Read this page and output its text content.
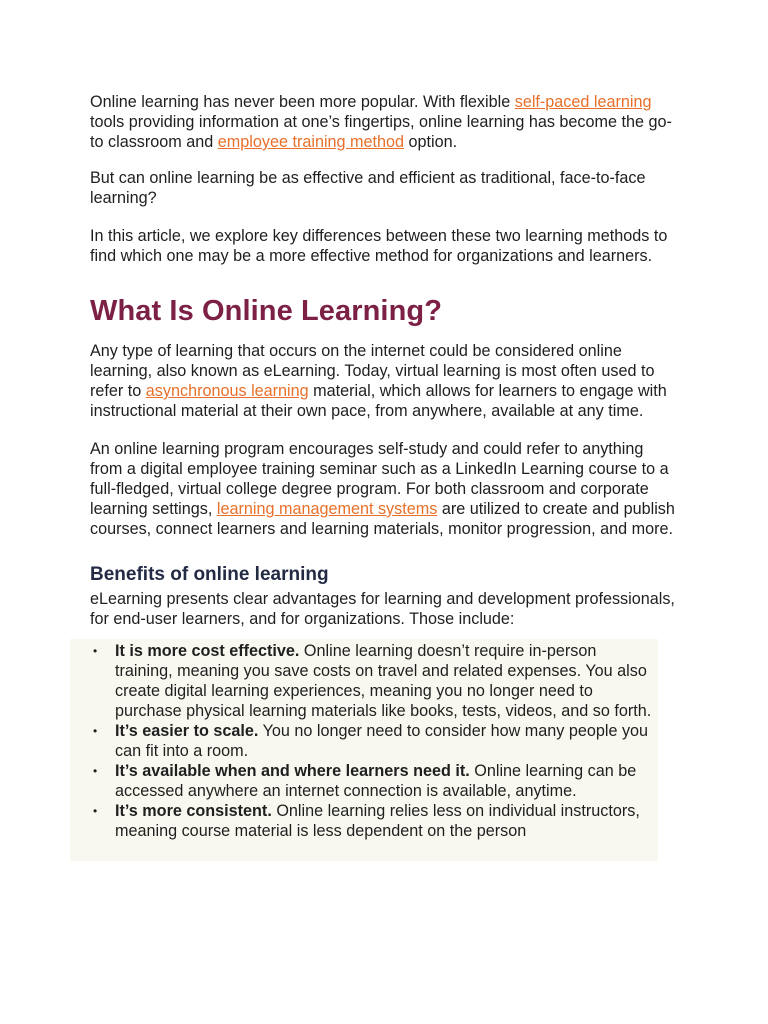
Online learning has never been more popular. With flexible self-paced learning tools providing information at one’s fingertips, online learning has become the go-to classroom and employee training method option.

But can online learning be as effective and efficient as traditional, face-to-face learning?

In this article, we explore key differences between these two learning methods to find which one may be a more effective method for organizations and learners.

What Is Online Learning?

Any type of learning that occurs on the internet could be considered online learning, also known as eLearning. Today, virtual learning is most often used to refer to asynchronous learning material, which allows for learners to engage with instructional material at their own pace, from anywhere, available at any time.

An online learning program encourages self-study and could refer to anything from a digital employee training seminar such as a LinkedIn Learning course to a full-fledged, virtual college degree program. For both classroom and corporate learning settings, learning management systems are utilized to create and publish courses, connect learners and learning materials, monitor progression, and more.

Benefits of online learning

eLearning presents clear advantages for learning and development professionals, for end-user learners, and for organizations. Those include:

• It is more cost effective. Online learning doesn’t require in-person training, meaning you save costs on travel and related expenses. You also create digital learning experiences, meaning you no longer need to purchase physical learning materials like books, tests, videos, and so forth.
• It’s easier to scale. You no longer need to consider how many people you can fit into a room.
• It’s available when and where learners need it. Online learning can be accessed anywhere an internet connection is available, anytime.
• It’s more consistent. Online learning relies less on individual instructors, meaning course material is less dependent on the person
